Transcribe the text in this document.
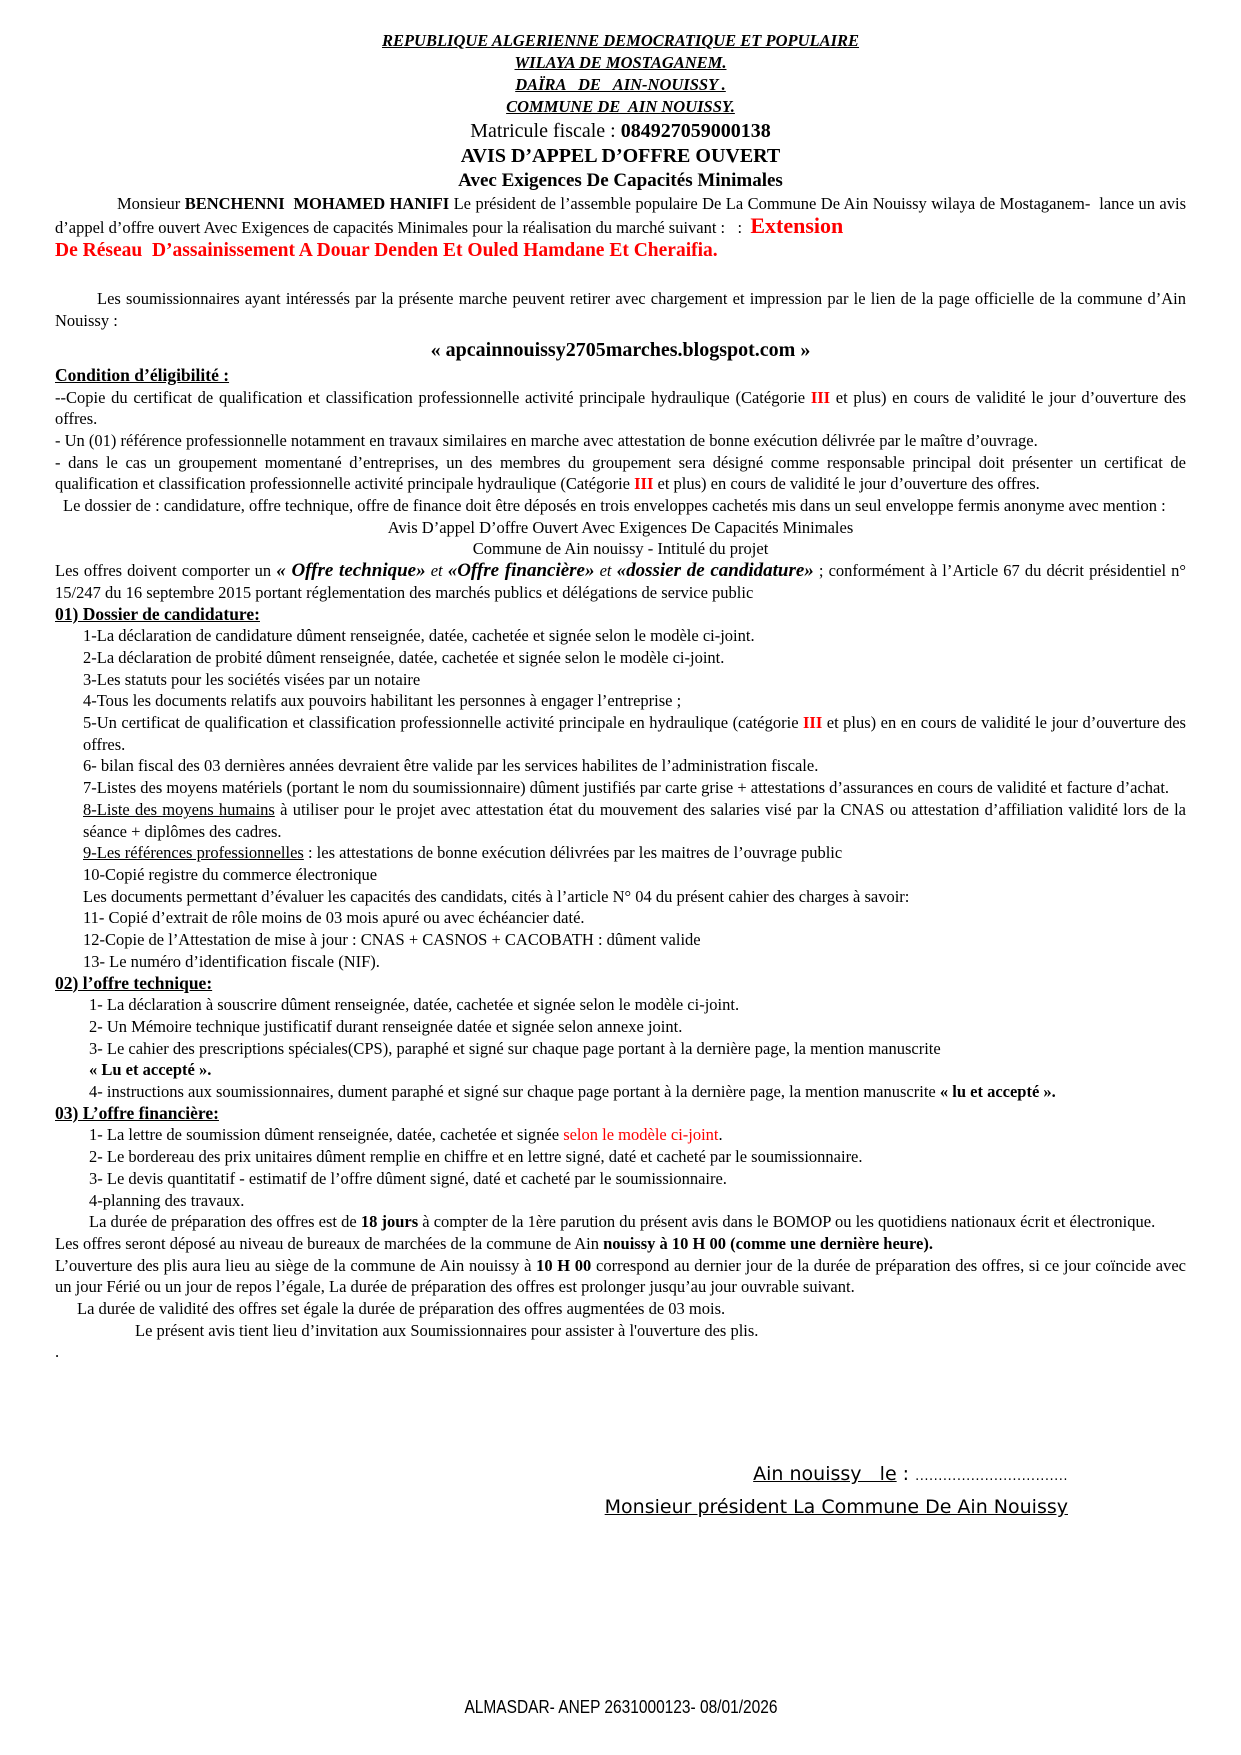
REPUBLIQUE ALGERIENNE DEMOCRATIQUE ET POPULAIRE
WILAYA DE MOSTAGANEM.
DAÏRA   DE   AIN-NOUISSY .
COMMUNE DE  AIN NOUISSY.
Matricule fiscale : 084927059000138
AVIS D’APPEL D’OFFRE OUVERT
Avec Exigences De Capacités Minimales
Monsieur BENCHENNI  MOHAMED HANIFI Le président de l’assemble populaire De La Commune De Ain Nouissy wilaya de Mostaganem-  lance un avis d’appel d’offre ouvert Avec Exigences de capacités Minimales pour la réalisation du marché suivant :   :  Extension
De Réseau  D’assainissement A Douar Denden Et Ouled Hamdane Et Cheraifia.
Les soumissionnaires ayant intéressés par la présente marche peuvent retirer avec chargement et impression par le lien de la page officielle de la commune d’Ain Nouissy :
« apcainnouissy2705marches.blogspot.com »
Condition d’éligibilité :
--Copie du certificat de qualification et classification professionnelle activité principale hydraulique (Catégorie III et plus) en cours de validité le jour d’ouverture des offres.
- Un (01) référence professionnelle notamment en travaux similaires en marche avec attestation de bonne exécution délivrée par le maître d’ouvrage.
- dans le cas un groupement momentané d’entreprises, un des membres du groupement sera désigné comme responsable principal doit présenter un certificat de qualification et classification professionnelle activité principale hydraulique (Catégorie III et plus) en cours de validité le jour d’ouverture des offres.
Le dossier de : candidature, offre technique, offre de finance doit être déposés en trois enveloppes cachetés mis dans un seul enveloppe fermis anonyme avec mention :
Avis D’appel D’offre Ouvert Avec Exigences De Capacités Minimales
Commune de Ain nouissy - Intitulé du projet
Les offres doivent comporter un « Offre technique» et «Offre financière» et «dossier de candidature» ; conformément à l’Article 67 du décrit présidentiel n° 15/247 du 16 septembre 2015 portant réglementation des marchés publics et délégations de service public
01) Dossier de candidature:
1-La déclaration de candidature dûment renseignée, datée, cachetée et signée selon le modèle ci-joint.
2-La déclaration de probité dûment renseignée, datée, cachetée et signée selon le modèle ci-joint.
3-Les statuts pour les sociétés visées par un notaire
4-Tous les documents relatifs aux pouvoirs habilitant les personnes à engager l’entreprise ;
5-Un certificat de qualification et classification professionnelle activité principale en hydraulique (catégorie III et plus) en en cours de validité le jour d’ouverture des offres.
6- bilan fiscal des 03 dernières années devraient être valide par les services habilites de l’administration fiscale.
7-Listes des moyens matériels (portant le nom du soumissionnaire) dûment justifiés par carte grise + attestations d’assurances en cours de validité et facture d’achat.
8-Liste des moyens humains à utiliser pour le projet avec attestation état du mouvement des salaries visé par la CNAS ou attestation d’affiliation validité lors de la séance + diplômes des cadres.
9-Les références professionnelles : les attestations de bonne exécution délivrées par les maitres de l’ouvrage public
10-Copié registre du commerce électronique
Les documents permettant d’évaluer les capacités des candidats, cités à l’article N° 04 du présent cahier des charges à savoir:
11- Copié d’extrait de rôle moins de 03 mois apuré ou avec échéancier daté.
12-Copie de l’Attestation de mise à jour : CNAS + CASNOS + CACOBATH : dûment valide
13- Le numéro d’identification fiscale (NIF).
02) l’offre technique:
1- La déclaration à souscrire dûment renseignée, datée, cachetée et signée selon le modèle ci-joint.
2- Un Mémoire technique justificatif durant renseignée datée et signée selon annexe joint.
3- Le cahier des prescriptions spéciales(CPS), paraphé et signé sur chaque page portant à la dernière page, la mention manuscrite
« Lu et accepté ».
4- instructions aux soumissionnaires, dument paraphé et signé sur chaque page portant à la dernière page, la mention manuscrite « lu et accepté ».
03) L’offre financière:
1- La lettre de soumission dûment renseignée, datée, cachetée et signée selon le modèle ci-joint.
2- Le bordereau des prix unitaires dûment remplie en chiffre et en lettre signé, daté et cacheté par le soumissionnaire.
3- Le devis quantitatif - estimatif de l’offre dûment signé, daté et cacheté par le soumissionnaire.
4-planning des travaux.
La durée de préparation des offres est de 18 jours à compter de la 1ère parution du présent avis dans le BOMOP ou les quotidiens nationaux écrit et électronique.
Les offres seront déposé au niveau de bureaux de marchées de la commune de Ain nouissy à 10 H 00 (comme une dernière heure).
L’ouverture des plis aura lieu au siège de la commune de Ain nouissy à 10 H 00 correspond au dernier jour de la durée de préparation des offres, si ce jour coïncide avec un jour Férié ou un jour de repos l’égale, La durée de préparation des offres est prolonger jusqu’au jour ouvrable suivant.
La durée de validité des offres set égale la durée de préparation des offres augmentées de 03 mois.
Le présent avis tient lieu d’invitation aux Soumissionnaires pour assister à l'ouverture des plis.
.
Ain nouissy   le : .................................
Monsieur président La Commune De Ain Nouissy
ALMASDAR- ANEP 2631000123- 08/01/2026
